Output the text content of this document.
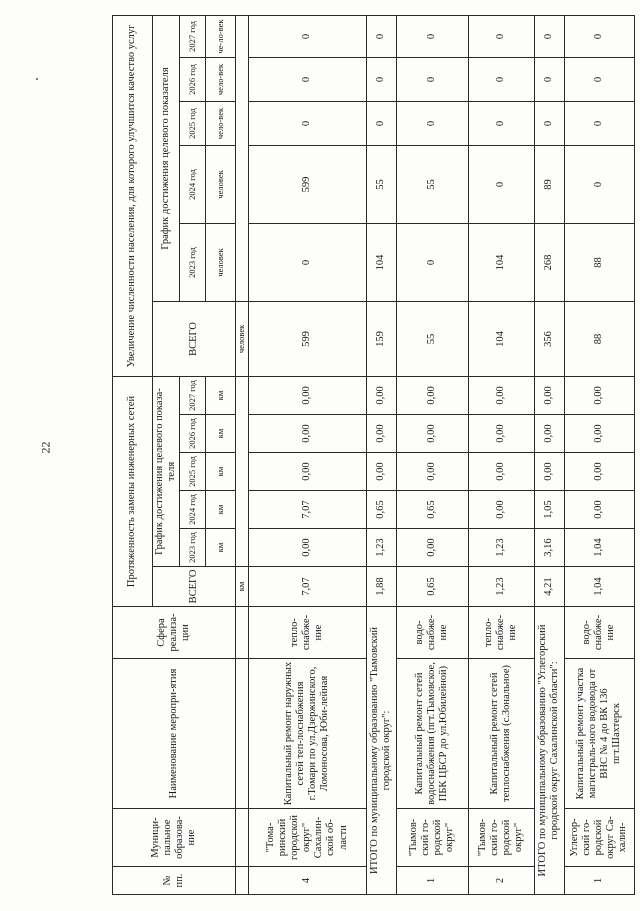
22
№ пп.	Муници-пальное образова-ние	Наименование меропри-ятия	Сфера реализа-ции	Протяженность замены инженерных сетей						Увеличение численности населения, для которого улучшится качество услуг					
				ВСЕГО	График достижения целевого показа-теля					ВСЕГО	График достижения целевого показателя				
					2023 год	2024 год	2025 год	2026 год	2027 год		2023 год	2024 год	2025 год	2026 год	2027 год
					км	км	км	км	км		человек	человек	чело-век	чело-век	че-ло-век
				км						человек					
4	"Тома-ринский городской округ" Сахалин-ской об-ласти	Капитальный ремонт наружных сетей теп-лоснабжения г.Томари по ул.Дзержинского, Ломоносова, Юби-лейная	тепло-снабже-ние	7,07	0,00	7,07	0,00	0,00	0,00	599	0	599	0	0	0
ИТОГО по муниципальному образованию "Тымовский городской округ":				1,88	1,23	0,65	0,00	0,00	0,00	159	104	55	0	0	0
1	"Тымов-ский го-родской округ"	Капитальный ремонт сетей водоснабжения (пгт.Тымовское, ПБК ЦБСР до ул.Юбилейной)	водо-снабже-ние	0,65	0,00	0,65	0,00	0,00	0,00	55	0	55	0	0	0
2	"Тымов-ский го-родской округ"	Капитальный ремонт сетей теплоснабжения (с.Зональное)	тепло-снабже-ние	1,23	1,23	0,00	0,00	0,00	0,00	104	104	0	0	0	0
ИТОГО по муниципальному образованию "Углегорский городской округ Сахалинской области":				4,21	3,16	1,05	0,00	0,00	0,00	356	268	89	0	0	0
1	Углегор-ский го-родской округ Са-халин-	Капитальный ремонт участка магистраль-ного водовода от ВНС № 4 до ВК 136 пгт.Шахтерск	водо-снабже-ние	1,04	1,04	0,00	0,00	0,00	0,00	88	88	0	0	0	0
